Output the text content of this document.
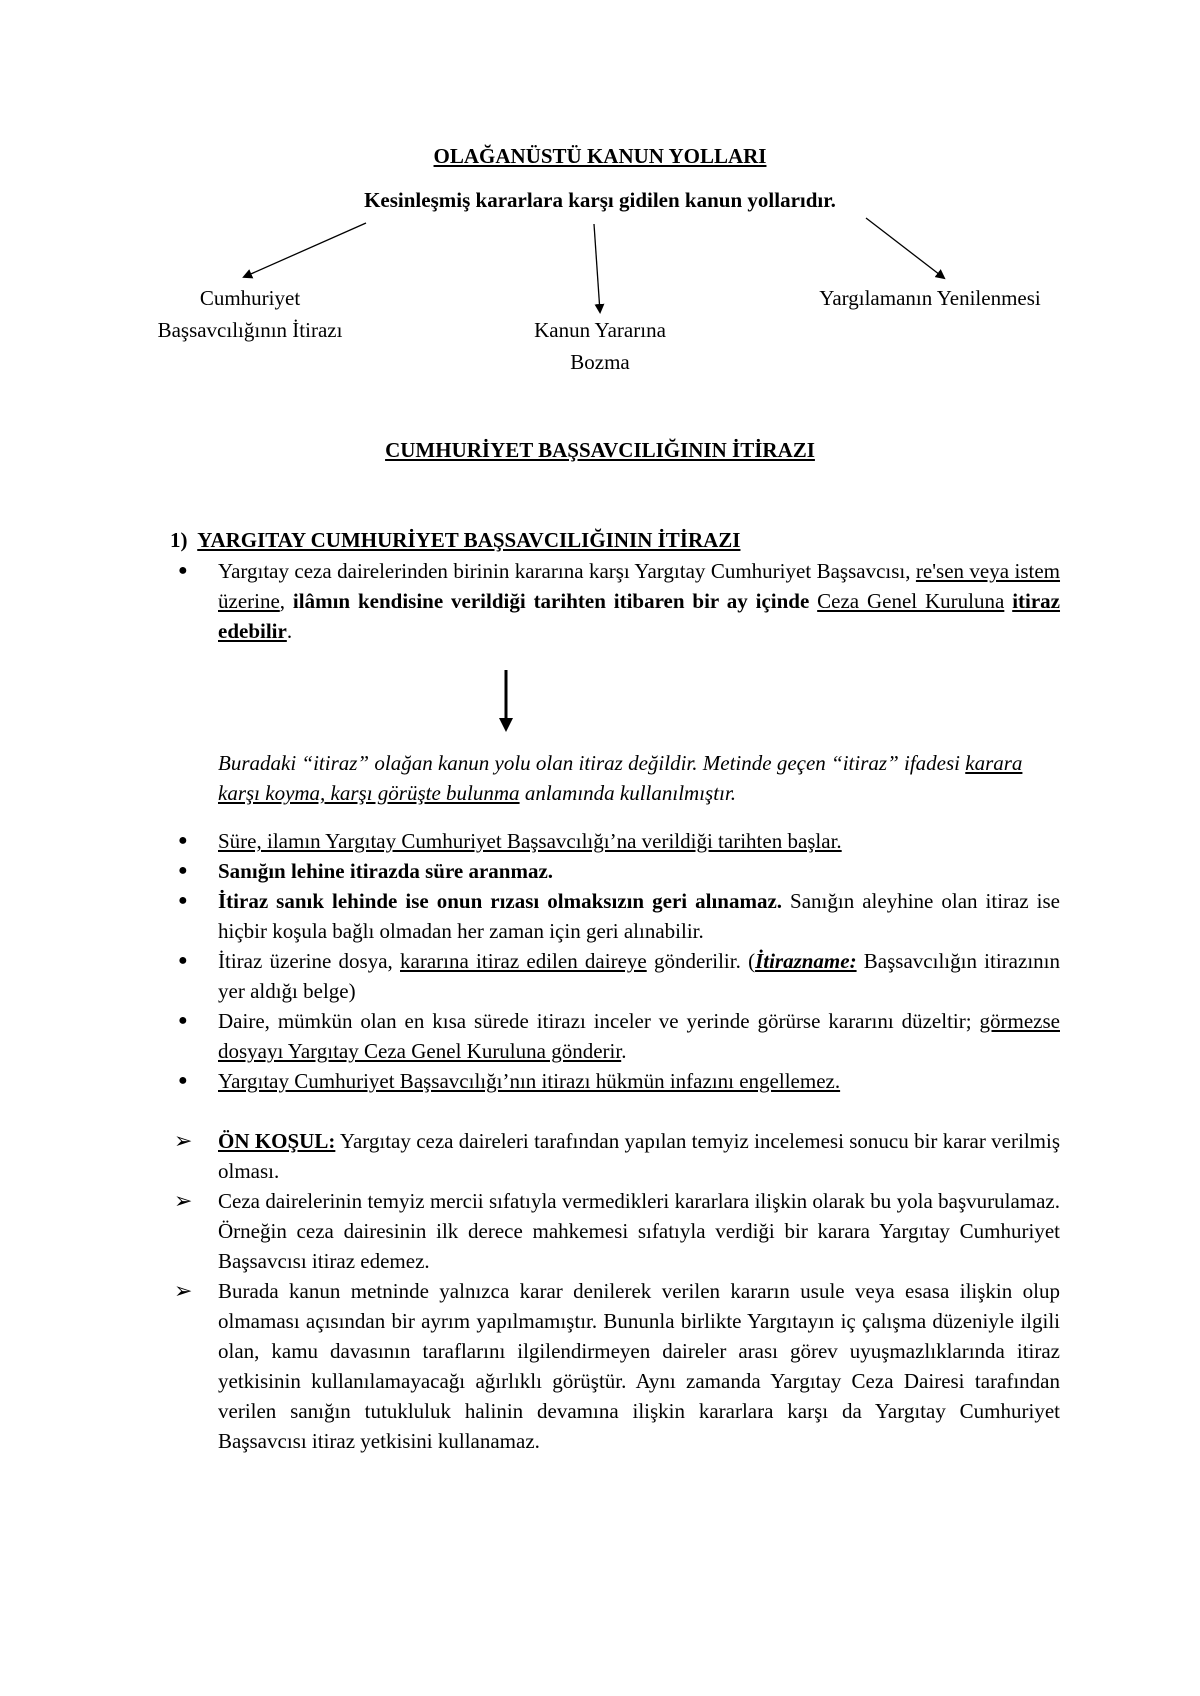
OLAĞANÜSTÜ KANUN YOLLARI
Kesinleşmiş kararlara karşı gidilen kanun yollarıdır.
Cumhuriyet
Başsavcılığının İtirazı	Kanun Yararına
Bozma
Yargılamanın Yenilenmesi
CUMHURİYET BAŞSAVCILIĞININ İTİRAZI
1) YARGITAY CUMHURİYET BAŞSAVCILIĞININ İTİRAZI
● Yargıtay ceza dairelerinden birinin kararına karşı Yargıtay Cumhuriyet Başsavcısı, re'sen veya istem üzerine, ilâmın kendisine verildiği tarihten itibaren bir ay içinde Ceza Genel Kuruluna itiraz edebilir.
Buradaki “itiraz” olağan kanun yolu olan itiraz değildir. Metinde geçen “itiraz” ifadesi karara karşı koyma, karşı görüşte bulunma anlamında kullanılmıştır.
● Süre, ilamın Yargıtay Cumhuriyet Başsavcılığı’na verildiği tarihten başlar.
● Sanığın lehine itirazda süre aranmaz.
● İtiraz sanık lehinde ise onun rızası olmaksızın geri alınamaz. Sanığın aleyhine olan itiraz ise hiçbir koşula bağlı olmadan her zaman için geri alınabilir.
● İtiraz üzerine dosya, kararına itiraz edilen daireye gönderilir. (İtirazname: Başsavcılığın itirazının yer aldığı belge)
● Daire, mümkün olan en kısa sürede itirazı inceler ve yerinde görürse kararını düzeltir; görmezse dosyayı Yargıtay Ceza Genel Kuruluna gönderir.
● Yargıtay Cumhuriyet Başsavcılığı’nın itirazı hükmün infazını engellemez.
➢ ÖN KOŞUL: Yargıtay ceza daireleri tarafından yapılan temyiz incelemesi sonucu bir karar verilmiş olması.
➢ Ceza dairelerinin temyiz mercii sıfatıyla vermedikleri kararlara ilişkin olarak bu yola başvurulamaz. Örneğin ceza dairesinin ilk derece mahkemesi sıfatıyla verdiği bir karara Yargıtay Cumhuriyet Başsavcısı itiraz edemez.
➢ Burada kanun metninde yalnızca karar denilerek verilen kararın usule veya esasa ilişkin olup olmaması açısından bir ayrım yapılmamıştır. Bununla birlikte Yargıtayın iç çalışma düzeniyle ilgili olan, kamu davasının taraflarını ilgilendirmeyen daireler arası görev uyuşmazlıklarında itiraz yetkisinin kullanılamayacağı ağırlıklı görüştür. Aynı zamanda Yargıtay Ceza Dairesi tarafından verilen sanığın tutukluluk halinin devamına ilişkin kararlara karşı da Yargıtay Cumhuriyet Başsavcısı itiraz yetkisini kullanamaz.
